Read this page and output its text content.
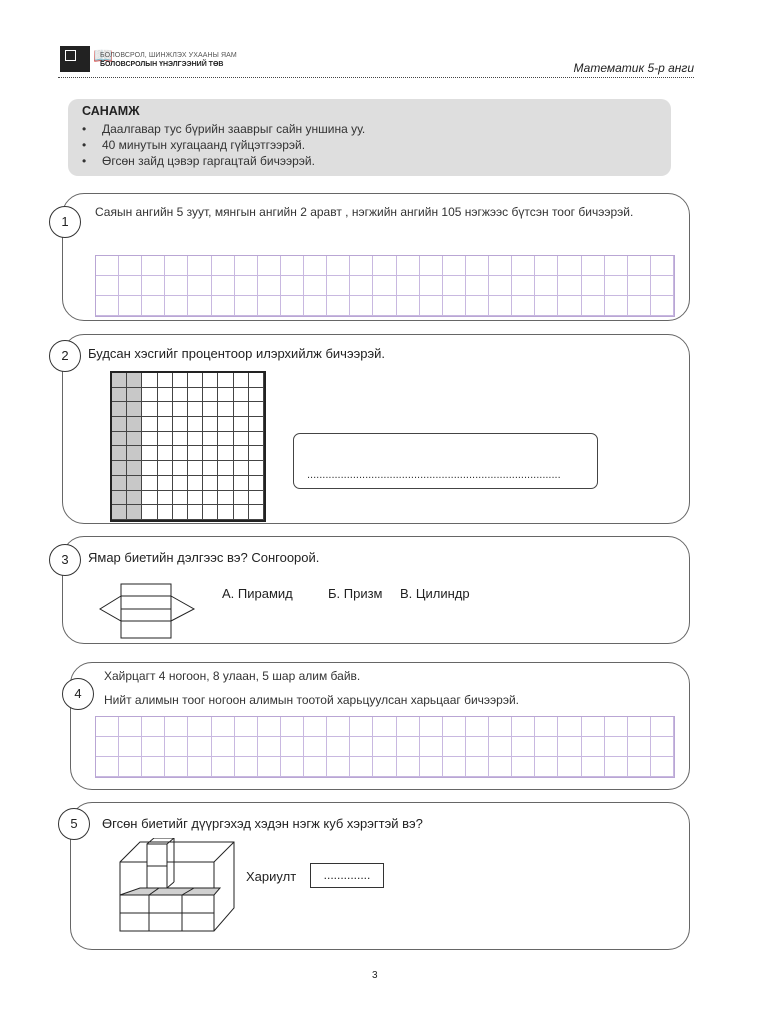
📖
БОЛОВСРОЛ, ШИНЖЛЭХ УХААНЫ ЯАМ
БОЛОВСРОЛЫН ҮНЭЛГЭЭНИЙ ТӨВ	Математик 5-р анги
САНАМЖ
• Даалгавар тус бүрийн зааврыг сайн уншина уу.
• 40 минутын хугацаанд гүйцэтгээрэй.
• Өгсөн зайд цэвэр гаргацтай бичээрэй.
1
Саяын ангийн 5 зуут, мянгын ангийн 2 аравт , нэгжийн ангийн 105 нэгжээс бүтсэн тоог бичээрэй.
2	Будсан хэсгийг процентоор илэрхийлж бичээрэй.
...................................................................................
3	Ямар биетийн дэлгээс вэ? Сонгоорой.
А. Пирамид	Б. Призм В. Цилиндр
4
Хайрцагт 4 ногоон, 8 улаан, 5 шар алим байв.
Нийт алимын тоог ногоон алимын тоотой харьцуулсан харьцааг бичээрэй.
5	Өгсөн биетийг дүүргэхэд хэдэн нэгж куб хэрэгтэй вэ?
Хариулт	..............
3
